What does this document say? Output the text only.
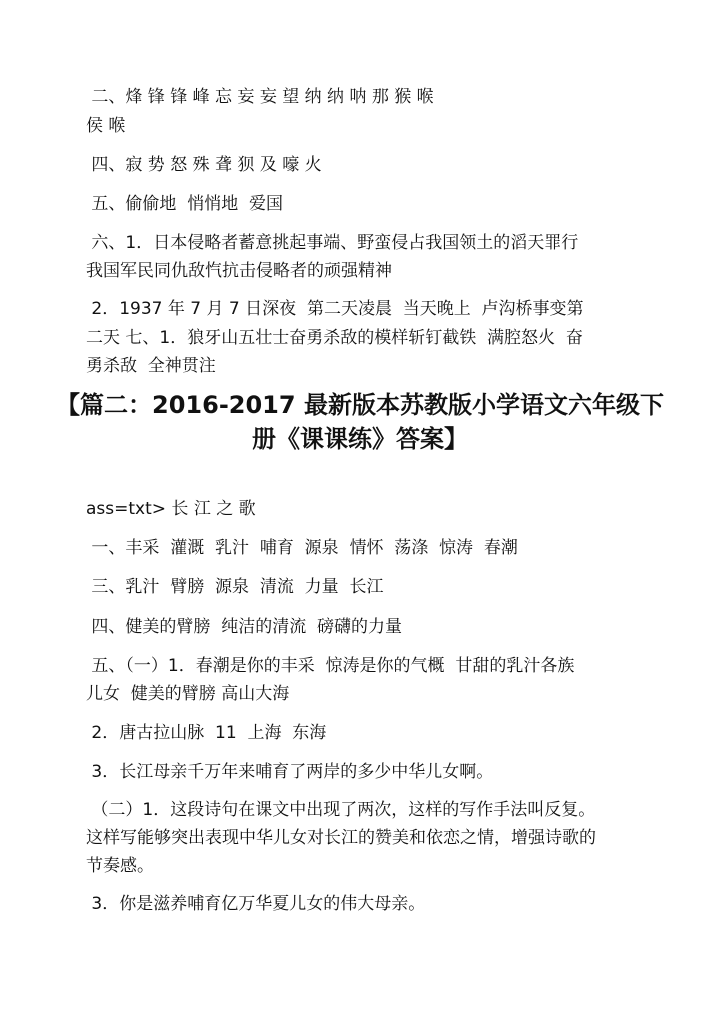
二、烽 锋 锋 峰 忘 妄 妄 望 纳 纳 呐 那 猴 喉
侯 喉
四、寂 势 怒 殊 聋 狈 及 嚎 火
五、偷偷地  悄悄地  爱国
六、1．日本侵略者蓄意挑起事端、野蛮侵占我国领土的滔天罪行
我国军民同仇敌忾抗击侵略者的顽强精神
2．1937 年 7 月 7 日深夜  第二天凌晨  当天晚上  卢沟桥事变第
二天 七、1．狼牙山五壮士奋勇杀敌的模样斩钉截铁  满腔怒火  奋
勇杀敌  全神贯注
【篇二：2016-2017 最新版本苏教版小学语文六年级下
册《课课练》答案】
ass=txt> 长 江 之 歌
一、丰采  灌溉  乳汁  哺育  源泉  情怀  荡涤  惊涛  春潮
三、乳汁  臂膀  源泉  清流  力量  长江
四、健美的臂膀  纯洁的清流  磅礴的力量
五、（一）1．春潮是你的丰采  惊涛是你的气概  甘甜的乳汁各族
儿女  健美的臂膀 高山大海
2．唐古拉山脉  11  上海  东海
3．长江母亲千万年来哺育了两岸的多少中华儿女啊。
（二）1．这段诗句在课文中出现了两次，这样的写作手法叫反复。
这样写能够突出表现中华儿女对长江的赞美和依恋之情，增强诗歌的
节奏感。
3．你是滋养哺育亿万华夏儿女的伟大母亲。
